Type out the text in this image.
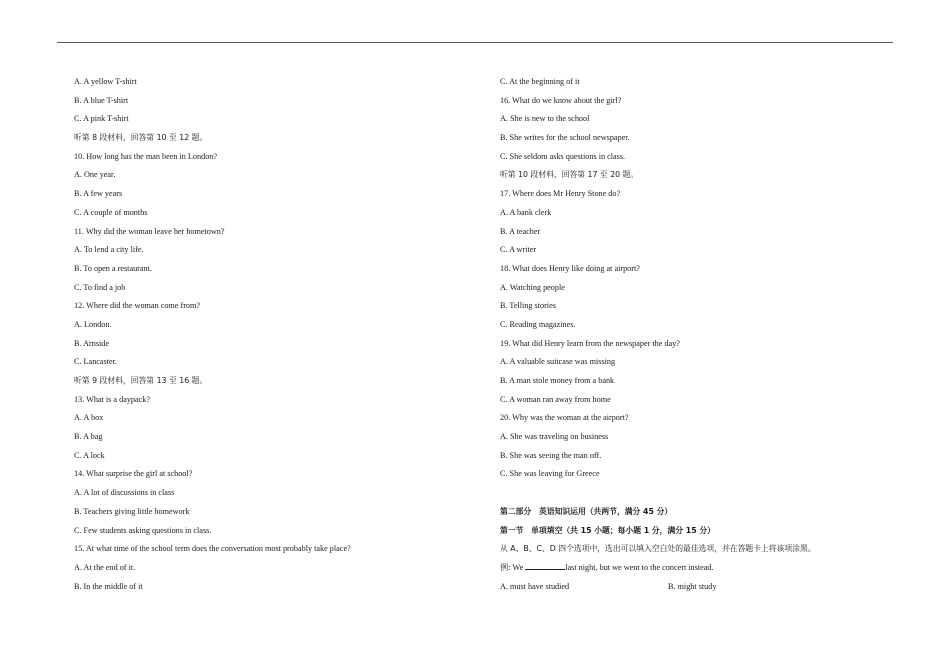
A. A yellow T-shirt
B. A blue T-shirt
C. A pink T-shirt
听第 8 段材料，回答第 10 至 12 题。
10. How long has the man been in London?
A. One year.
B. A few years
C. A couple of months
11. Why did the woman leave her hometown?
A. To lend a city life.
B. To open a restaurant.
C. To find a job
12. Where did the woman come from?
A. London.
B. Arnside
C. Lancaster.
听第 9 段材料，回答第 13 至 16 题。
13. What is a daypack?
A. A box
B. A bag
C. A lock
14. What surprise the girl at school?
A. A lot of discussions in class
B. Teachers giving little homework
C. Few students asking questions in class.
15. At what time of the school term does the conversation most probably take place?
A. At the end of it.
B. In the middle of it
C. At the beginning of it
16. What do we know about the girl?
A. She is new to the school
B. She writes for the school newspaper.
C. She seldom asks questions in class.
听第 10 段材料，回答第 17 至 20 题。
17. Where does Mr Henry Stone do?
A. A bank clerk
B. A teacher
C. A writer
18. What does Henry like doing at airport?
A. Watching people
B. Telling stories
C. Reading magazines.
19. What did Henry learn from the newspaper the day?
A. A valuable suitcase was missing
B. A man stole money from a bank
C. A woman ran away from home
20. Why was the woman at the airport?
A. She was traveling on business
B. She was seeing the man off.
C. She was leaving for Greece
第二部分　英语知识运用（共两节，满分 45 分）
第一节　单项填空（共 15 小题；每小题 1 分，满分 15 分）
从 A、B、C、D 四个选项中，选出可以填入空白处的最佳选项，并在答题卡上将该项涂黑。
例: We	last night, but we went to the concert instead.
A. must have studied	B. might study
